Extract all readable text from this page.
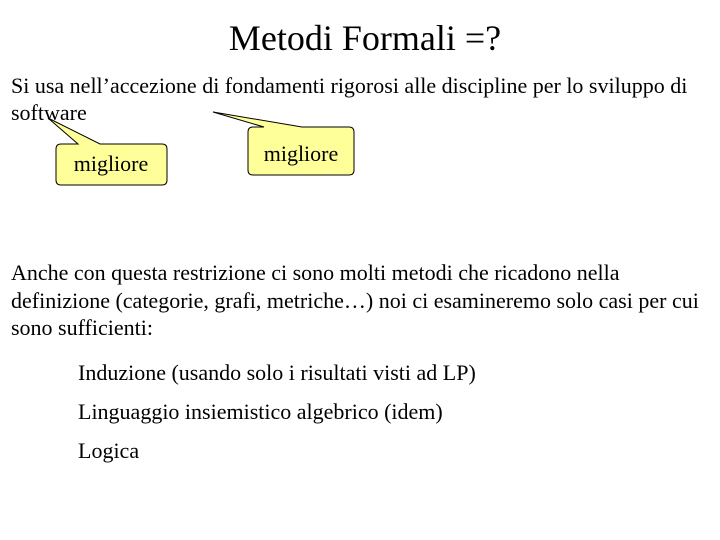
Metodi Formali =?
Si usa nell’accezione di fondamenti rigorosi alle discipline per lo sviluppo di software
migliore	migliore
Anche con questa restrizione ci sono molti metodi che ricadono nella definizione (categorie, grafi, metriche…) noi ci esamineremo solo casi per cui sono sufficienti:
Induzione (usando solo i risultati visti ad LP)
Linguaggio insiemistico algebrico (idem)
Logica
